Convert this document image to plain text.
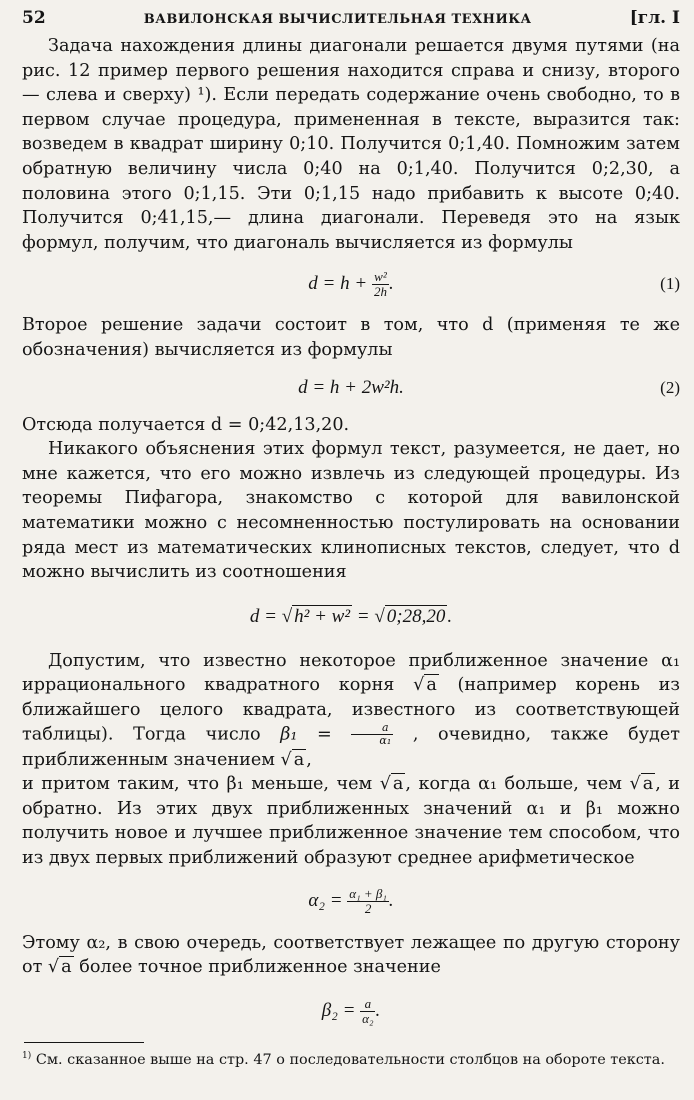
52	ВАВИЛОНСКАЯ ВЫЧИСЛИТЕЛЬНАЯ ТЕХНИКА	[гл. I

Задача нахождения длины диагонали решается двумя путями (на рис. 12 пример первого решения находится справа и снизу, второго — слева и сверху) ¹). Если передать содержание очень свободно, то в первом случае процедура, примененная в тексте, выразится так: возведем в квадрат ширину 0;10. Получится 0;1,40. Помножим затем обратную величину числа 0;40 на 0;1,40. Получится 0;2,30, а половина этого 0;1,15. Эти 0;1,15 надо прибавить к высоте 0;40. Получится 0;41,15,— длина диагонали. Переведя это на язык формул, получим, что диагональ вычисляется из формулы

$d = h + \frac{\text{w²}}{2h}$ .	(1)

Второе решение задачи состоит в том, что d (применяя те же обозначения) вычисляется из формулы

d = h + 2w²h.	(2)

Отсюда получается d = 0;42,13,20.

Никакого объяснения этих формул текст, разумеется, не дает, но мне кажется, что его можно извлечь из следующей процедуры. Из теоремы Пифагора, знакомство с которой для вавилонской математики можно с несомненностью постулировать на основании ряда мест из математических клинописных текстов, следует, что d можно вычислить из соотношения

d = √ h² + w² = √ 0;28,20 .

Допустим, что известно некоторое приближенное значение α₁ иррационального квадратного корня √ a (например корень из ближайшего целого квадрата, известного из соответствующей таблицы). Тогда число $\beta_1 = \frac{a}{\text{α₁}}$ , очевидно, также будет приближенным значением √ a ,

и притом таким, что β₁ меньше, чем √ a , когда α₁ больше, чем √ a , и обратно. Из этих двух приближенных значений α₁ и β₁ можно получить новое и лучшее приближенное значение тем способом, что из двух первых приближений образуют среднее арифметическое

$\alpha_2 = \frac{\text{α₁ + β₁}}{2}$ .

Этому α₂, в свою очередь, соответствует лежащее по другую сторону от √ a более точное приближенное значение

$\beta_2 = \frac{a}{\text{α₂}}$ .
$^{1)}$ См. сказанное выше на стр. 47 о последовательности столбцов на обороте текста.
